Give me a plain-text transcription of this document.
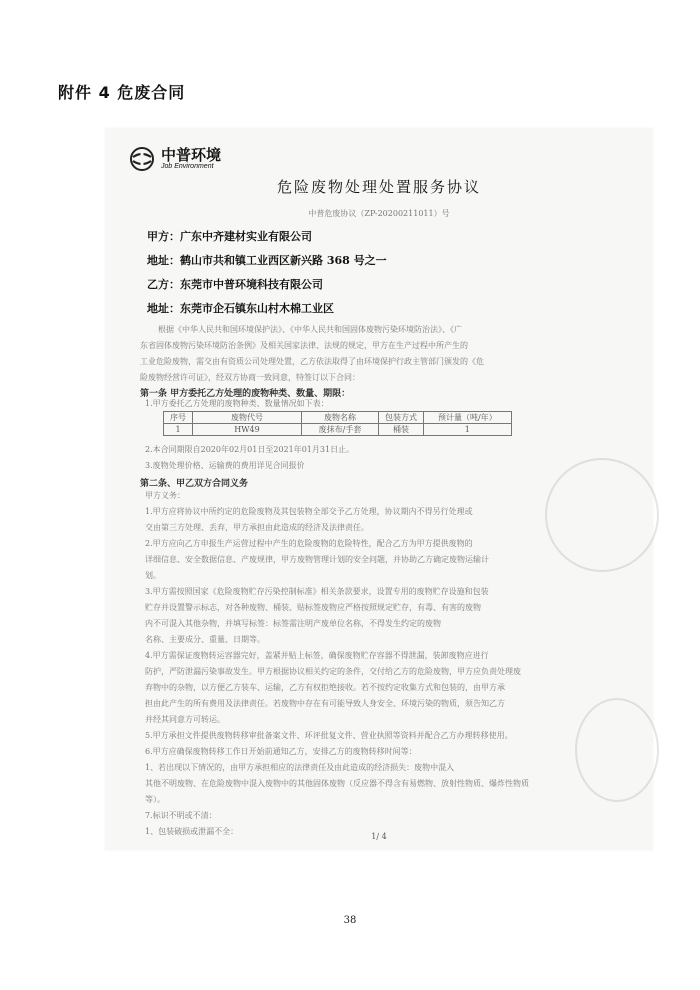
附件 4 危废合同
中普环境
Job Environment
危险废物处理处置服务协议
中普危废协议（ZP-20200211011）号
甲方：广东中齐建材实业有限公司
地址：鹤山市共和镇工业西区新兴路 368 号之一
乙方：东莞市中普环境科技有限公司
地址：东莞市企石镇东山村木棉工业区

根据《中华人民共和国环境保护法》、《中华人民共和国固体废物污染环境防治法》、《广

东省固体废物污染环境防治条例》及相关国家法律、法规的规定，甲方在生产过程中所产生的

工业危险废物，需交由有资质公司处理处置，乙方依法取得了由环境保护行政主管部门颁发的《危

险废物经营许可证》，经双方协商一致同意，特签订以下合同：

第一条 甲方委托乙方处理的废物种类、数量、期限：
1.甲方委托乙方处理的废物种类、数量情况如下表：
序号	废物代号	废物名称	包装方式	预计量（吨/年）
1	HW49	废抹布/手套	桶装	1
2.本合同期限自2020年02月01日至2021年01月31日止。
3.废物处理价格、运输费的费用详见合同报价
第二条、甲乙双方合同义务
甲方义务：

1.甲方应将协议中所约定的危险废物及其包装物全部交予乙方处理，协议期内不得另行处理或

交由第三方处理、丢弃，甲方承担由此造成的经济及法律责任。

2.甲方应向乙方申报生产运营过程中产生的危险废物的危险特性，配合乙方为甲方提供废物的

详细信息、安全数据信息、产废规律，甲方废物管理计划的安全问题，并协助乙方确定废物运输计

划。

3.甲方需按照国家《危险废物贮存污染控制标准》相关条款要求，设置专用的废物贮存设施和包装

贮存并设置警示标志，对各种废物、桶装、贴标签废物应严格按照规定贮存，有毒、有害的废物

内不可混入其他杂物，并填写标签：标签需注明产废单位名称，不得发生约定的废物

名称、主要成分、重量、日期等。

4.甲方需保证废物转运容器完好，盖紧并贴上标签，确保废物贮存容器不得泄漏，装卸废物应进行

防护，严防泄漏污染事故发生。甲方根据协议相关约定的条件，交付给乙方的危险废物，甲方应负责处理废

弃物中的杂物，以方便乙方装车、运输，乙方有权拒绝接收。若不按约定收集方式和包装的，由甲方承

担由此产生的所有费用及法律责任。若废物中存在有可能导致人身安全、环境污染的物质，须告知乙方

并经其同意方可转运。

5.甲方承担文件提供废物转移审批备案文件、环评批复文件、营业执照等资料并配合乙方办理转移使用。

6.甲方应确保废物转移工作日开始前通知乙方，安排乙方的废物转移时间等：

1、若出现以下情况的，由甲方承担相应的法律责任及由此造成的经济损失：废物中混入

其他不明废物、在危险废物中混入废物中的其他固体废物（反应器不得含有易燃物、放射性物质、爆炸性物质

等）。

7.标识不明或不清：

1、包装破损或泄漏不全：

1/ 4
38
